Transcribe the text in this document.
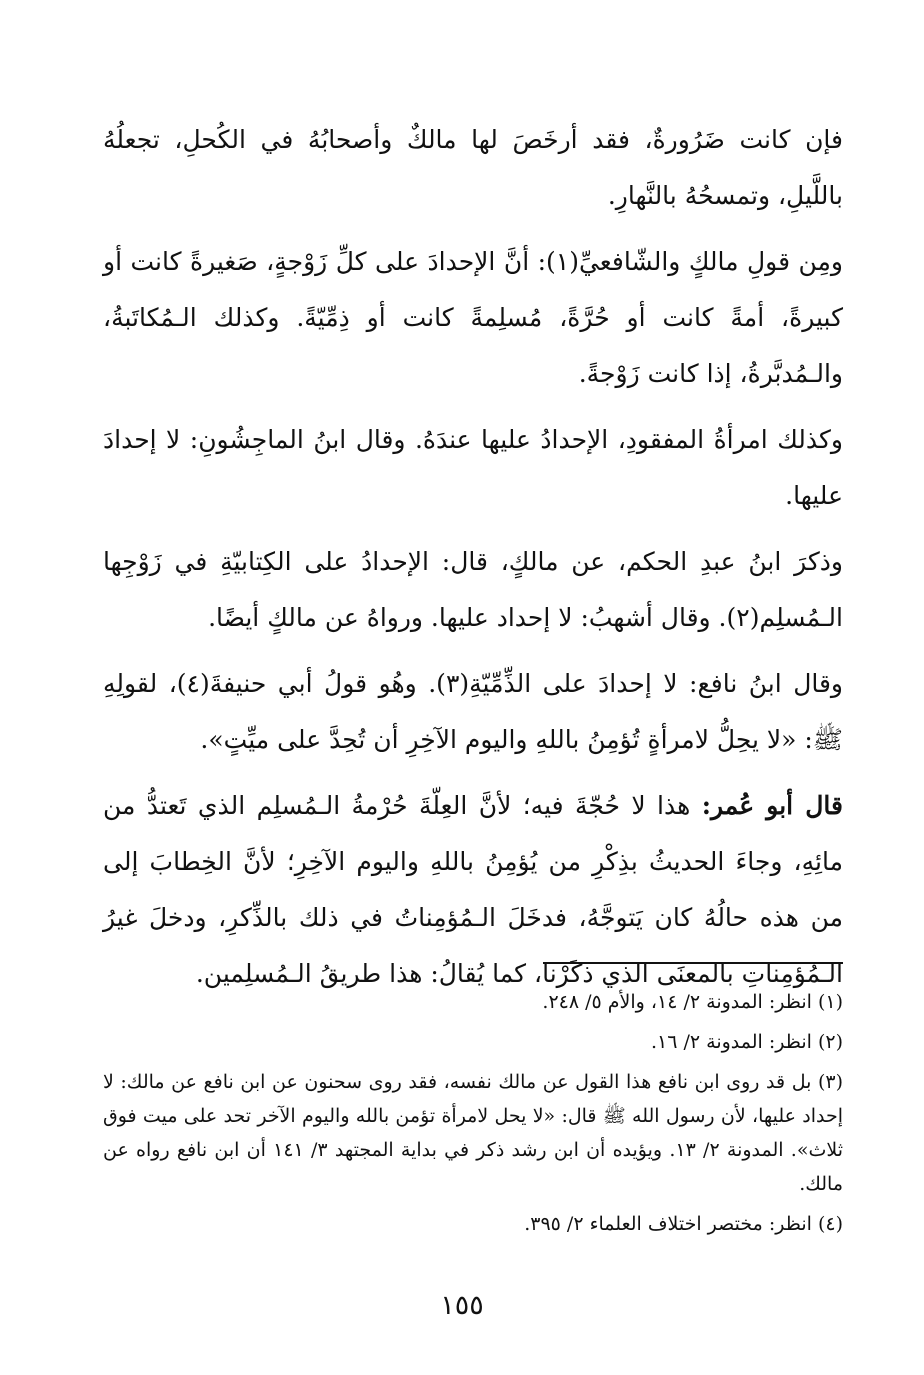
فإن كانت ضَرُورةٌ، فقد أرخَصَ لها مالكٌ وأصحابُهُ في الكُحلِ، تجعلُهُ باللَّيلِ، وتمسحُهُ بالنَّهارِ.

ومِن قولِ مالكٍ والشّافعيِّ(١): أنَّ الإحدادَ على كلِّ زَوْجةٍ، صَغيرةً كانت أو كبيرةً، أمةً كانت أو حُرَّةً، مُسلِمةً كانت أو ذِمِّيّةً. وكذلك الـمُكاتَبةُ، والـمُدبَّرةُ، إذا كانت زَوْجةً.

وكذلك امرأةُ المفقودِ، الإحدادُ عليها عندَهُ. وقال ابنُ الماجِشُونِ: لا إحدادَ عليها.

وذكرَ ابنُ عبدِ الحكم، عن مالكٍ، قال: الإحدادُ على الكِتابيّةِ في زَوْجِها الـمُسلِم(٢). وقال أشهبُ: لا إحداد عليها. ورواهُ عن مالكٍ أيضًا.

وقال ابنُ نافع: لا إحدادَ على الذِّمِّيّةِ(٣). وهُو قولُ أبي حنيفةَ(٤)، لقولِهِ ﷺ: «لا يحِلُّ لامرأةٍ تُؤمِنُ باللهِ واليوم الآخِرِ أن تُحِدَّ على ميِّتٍ».

قال أبو عُمر: هذا لا حُجّةَ فيه؛ لأنَّ العِلّةَ حُرْمةُ الـمُسلِم الذي تَعتدُّ من مائِهِ، وجاءَ الحديثُ بذِكْرِ من يُؤمِنُ باللهِ واليوم الآخِرِ؛ لأنَّ الخِطابَ إلى من هذه حالُهُ كان يَتوجَّهُ، فدخَلَ الـمُؤمِناتُ في ذلك بالذِّكرِ، ودخلَ غيرُ الـمُؤمِناتِ بالمعنَى الذي ذكَرْنا، كما يُقالُ: هذا طريقُ الـمُسلِمين.

(١) انظر: المدونة ٢/ ١٤، والأم ٥/ ٢٤٨.

(٢) انظر: المدونة ٢/ ١٦.

(٣) بل قد روى ابن نافع هذا القول عن مالك نفسه، فقد روى سحنون عن ابن نافع عن مالك: لا إحداد عليها، لأن رسول الله ﷺ قال: «لا يحل لامرأة تؤمن بالله واليوم الآخر تحد على ميت فوق ثلاث». المدونة ٢/ ١٣. ويؤيده أن ابن رشد ذكر في بداية المجتهد ٣/ ١٤١ أن ابن نافع رواه عن مالك.

(٤) انظر: مختصر اختلاف العلماء ٢/ ٣٩٥.

١٥٥
